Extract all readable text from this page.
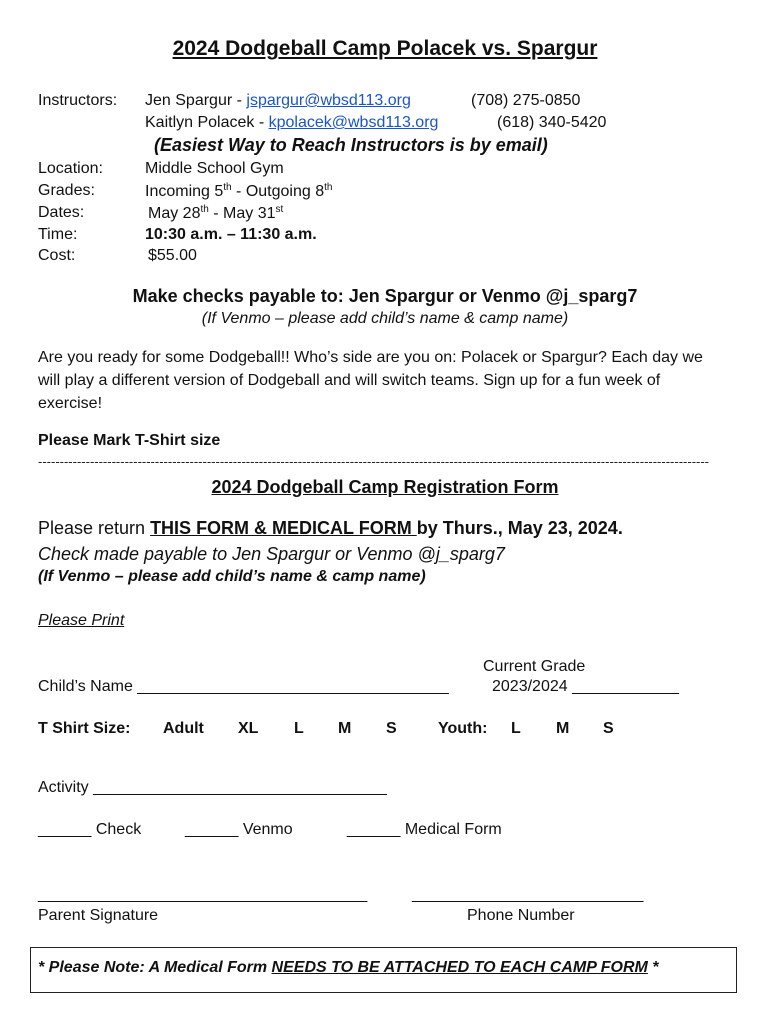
2024 Dodgeball Camp Polacek vs. Spargur
Instructors: Jen Spargur - jspargur@wbsd113.org	(708) 275-0850
Kaitlyn Polacek - kpolacek@wbsd113.org	(618) 340-5420
(Easiest Way to Reach Instructors is by email)
Location:	Middle School Gym
Grades:	Incoming 5th - Outgoing 8th
Dates:	May 28th - May 31st
Time:	10:30 a.m. – 11:30 a.m.
Cost:	$55.00
Make checks payable to: Jen Spargur or Venmo @j_sparg7
(If Venmo – please add child’s name & camp name)
Are you ready for some Dodgeball!! Who’s side are you on: Polacek or Spargur? Each day we will play a different version of Dodgeball and will switch teams. Sign up for a fun week of exercise!
Please Mark T-Shirt size
-----------------------------------------------------------------------------------------------------------------------------------------------------------
2024 Dodgeball Camp Registration Form
Please return THIS FORM & MEDICAL FORM by Thurs., May 23, 2024.
Check made payable to Jen Spargur or Venmo @j_sparg7
(If Venmo – please add child’s name & camp name)
Please Print
Current Grade
Child’s Name ___________________________________	2023/2024 ____________
T Shirt Size: Adult XL L M S	Youth: L M S
Activity _________________________________
______ Check	______ Venmo	______ Medical Form
_____________________________________	__________________________
Parent Signature	Phone Number
* Please Note: A Medical Form NEEDS TO BE ATTACHED TO EACH CAMP FORM *
